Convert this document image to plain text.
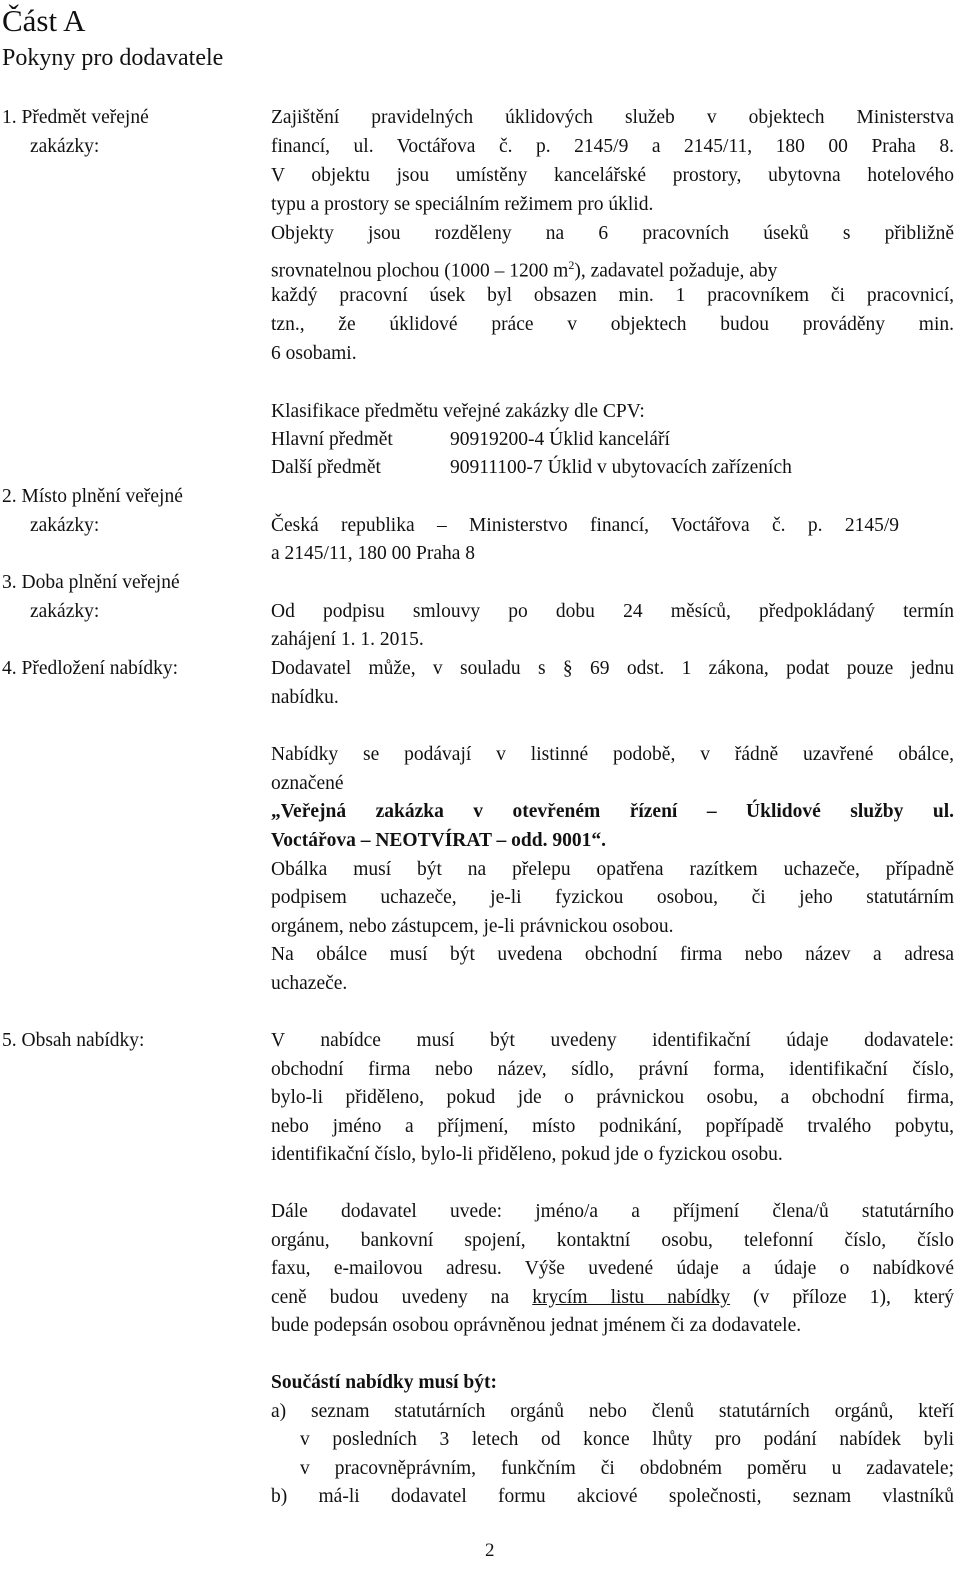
Část A
Pokyny pro dodavatele
1. Předmět veřejné
zakázky:
Zajištění pravidelných úklidových služeb v objektech Ministerstva
financí, ul. Voctářova č. p. 2145/9 a 2145/11, 180 00 Praha 8.
V objektu jsou umístěny kancelářské prostory, ubytovna hotelového
typu a prostory se speciálním režimem pro úklid.
Objekty jsou rozděleny na 6 pracovních úseků s přibližně
srovnatelnou plochou (1000 – 1200 $m^2$), zadavatel požaduje, aby
každý pracovní úsek byl obsazen min. 1 pracovníkem či pracovnicí,
tzn., že úklidové práce v objektech budou prováděny min.
6 osobami.
Klasifikace předmětu veřejné zakázky dle CPV:
Hlavní předmět	90919200-4 Úklid kanceláří
Další předmět	90911100-7 Úklid v ubytovacích zařízeních
2. Místo plnění veřejné
zakázky:	Česká republika – Ministerstvo financí, Voctářova č. p. 2145/9
a 2145/11, 180 00 Praha 8
3. Doba plnění veřejné
zakázky:	Od podpisu smlouvy po dobu 24 měsíců, předpokládaný termín
zahájení 1. 1. 2015.
4. Předložení nabídky:	Dodavatel může, v souladu s § 69 odst. 1 zákona, podat pouze jednu
nabídku.
Nabídky se podávají v listinné podobě, v řádně uzavřené obálce,
označené
„Veřejná zakázka v otevřeném řízení – Úklidové služby ul.
Voctářova – NEOTVÍRAT – odd. 9001“.
Obálka musí být na přelepu opatřena razítkem uchazeče, případně
podpisem uchazeče, je-li fyzickou osobou, či jeho statutárním
orgánem, nebo zástupcem, je-li právnickou osobou.
Na obálce musí být uvedena obchodní firma nebo název a adresa
uchazeče.
5. Obsah nabídky:	V nabídce musí být uvedeny identifikační údaje dodavatele:
obchodní firma nebo název, sídlo, právní forma, identifikační číslo,
bylo-li přiděleno, pokud jde o právnickou osobu, a obchodní firma,
nebo jméno a příjmení, místo podnikání, popřípadě trvalého pobytu,
identifikační číslo, bylo-li přiděleno, pokud jde o fyzickou osobu.
Dále dodavatel uvede: jméno/a a příjmení člena/ů statutárního
orgánu, bankovní spojení, kontaktní osobu, telefonní číslo, číslo
faxu, e-mailovou adresu. Výše uvedené údaje a údaje o nabídkové
ceně budou uvedeny na krycím listu nabídky (v příloze 1), který
bude podepsán osobou oprávněnou jednat jménem či za dodavatele.
Součástí nabídky musí být:
a) seznam statutárních orgánů nebo členů statutárních orgánů, kteří
v posledních 3 letech od konce lhůty pro podání nabídek byli
v pracovněprávním, funkčním či obdobném poměru u zadavatele;
b) má-li dodavatel formu akciové společnosti, seznam vlastníků
2
